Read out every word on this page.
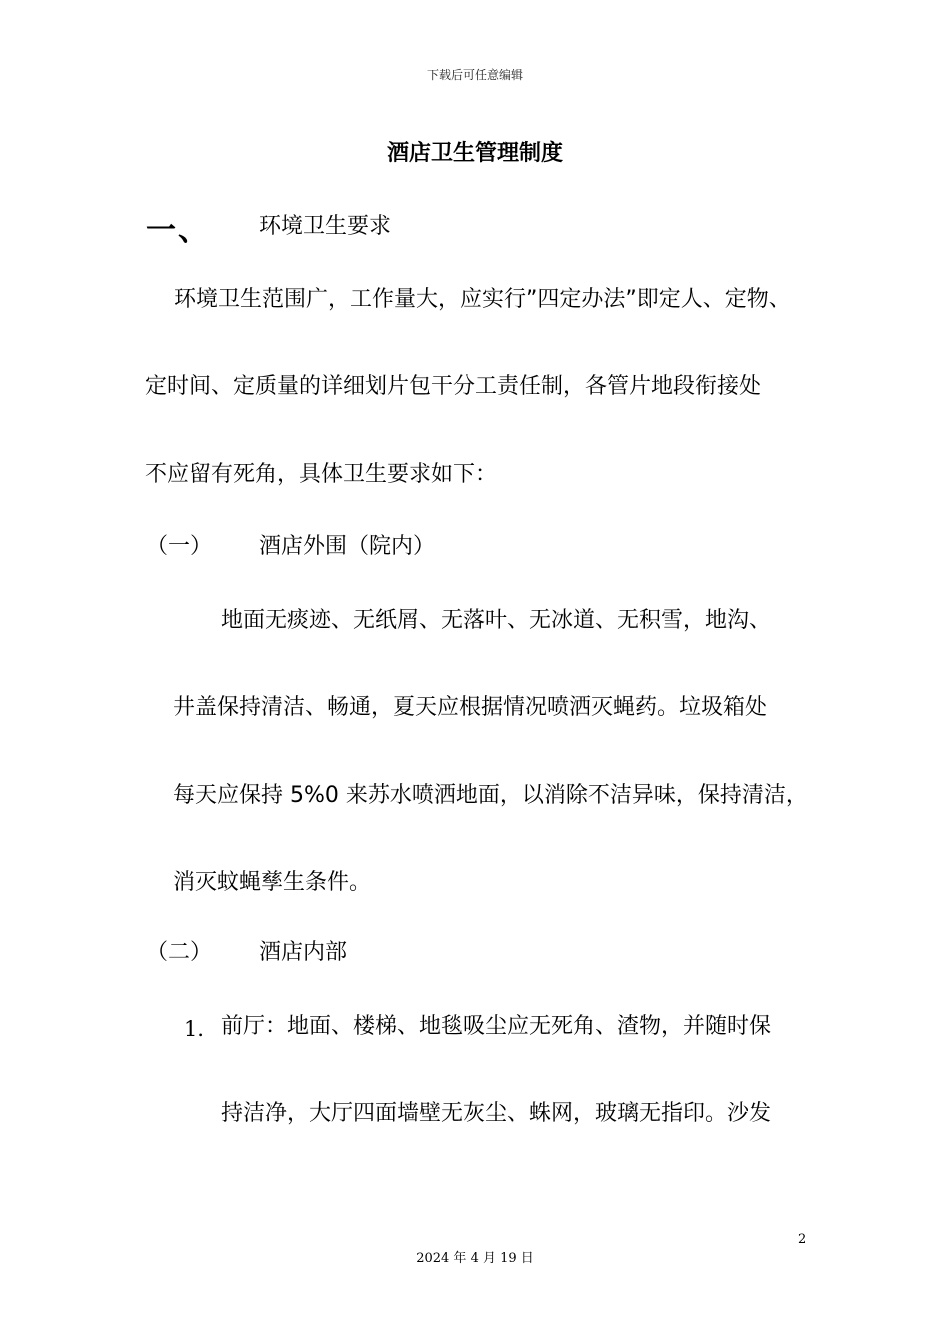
下载后可任意编辑
酒店卫生管理制度
一、 环境卫生要求
环境卫生范围广，工作量大，应实行”四定办法”即定人、定物、
定时间、定质量的详细划片包干分工责任制，各管片地段衔接处
不应留有死角，具体卫生要求如下：
（一） 酒店外围（院内）
地面无痰迹、无纸屑、无落叶、无冰道、无积雪，地沟、
井盖保持清洁、畅通，夏天应根据情况喷洒灭蝇药。垃圾箱处
每天应保持 5%0 来苏水喷洒地面，以消除不洁异味，保持清洁，
消灭蚊蝇孳生条件。
（二） 酒店内部
1． 前厅：地面、楼梯、地毯吸尘应无死角、渣物，并随时保
持洁净，大厅四面墙壁无灰尘、蛛网，玻璃无指印。沙发
2
2024 年 4 月 19 日
